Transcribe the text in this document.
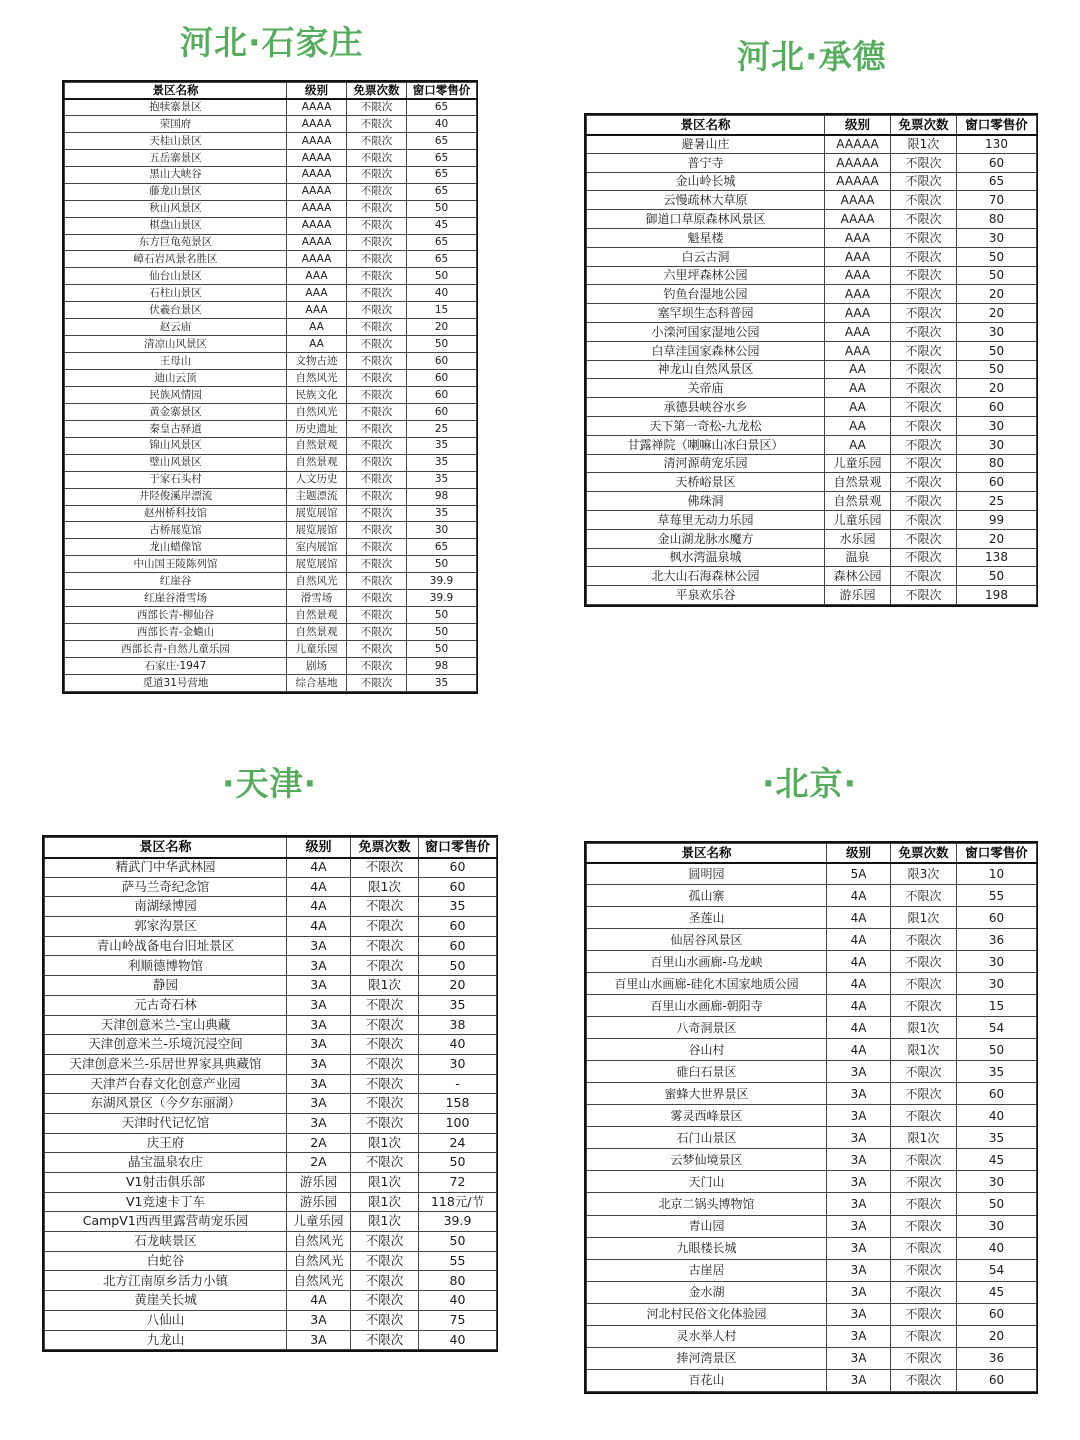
河北·石家庄
景区名称	级别	免票次数	窗口零售价
抱犊寨景区	AAAA	不限次	65
荣国府	AAAA	不限次	40
天桂山景区	AAAA	不限次	65
五岳寨景区	AAAA	不限次	65
黑山大峡谷	AAAA	不限次	65
藤龙山景区	AAAA	不限次	65
秋山风景区	AAAA	不限次	50
棋盘山景区	AAAA	不限次	45
东方巨龟苑景区	AAAA	不限次	65
嶂石岩风景名胜区	AAAA	不限次	65
仙台山景区	AAA	不限次	50
石柱山景区	AAA	不限次	40
伏羲台景区	AAA	不限次	15
赵云庙	AA	不限次	20
清凉山风景区	AA	不限次	50
王母山	文物古迹	不限次	60
迪山云顶	自然风光	不限次	60
民族风情园	民族文化	不限次	60
黄金寨景区	自然风光	不限次	60
秦皇古驿道	历史遗址	不限次	25
锦山风景区	自然景观	不限次	35
璧山风景区	自然景观	不限次	35
于家石头村	人文历史	不限次	35
井陉俊溪岸漂流	主题漂流	不限次	98
赵州桥科技馆	展览展馆	不限次	35
古桥展览馆	展览展馆	不限次	30
龙山蜡像馆	室内展馆	不限次	65
中山国王陵陈列馆	展览展馆	不限次	50
红崖谷	自然风光	不限次	39.9
红崖谷滑雪场	滑雪场	不限次	39.9
西部长青-柳仙谷	自然景观	不限次	50
西部长青-金蟾山	自然景观	不限次	50
西部长青-自然儿童乐园	儿童乐园	不限次	50
石家庄·1947	剧场	不限次	98
觅道31号营地	综合基地	不限次	35
河北·承德
景区名称	级别	免票次数	窗口零售价
避暑山庄	AAAAA	限1次	130
普宁寺	AAAAA	不限次	60
金山岭长城	AAAAA	不限次	65
云慢疏林大草原	AAAA	不限次	70
御道口草原森林风景区	AAAA	不限次	80
魁星楼	AAA	不限次	30
白云古洞	AAA	不限次	50
六里坪森林公园	AAA	不限次	50
钓鱼台湿地公园	AAA	不限次	20
塞罕坝生态科普园	AAA	不限次	20
小滦河国家湿地公园	AAA	不限次	30
白草洼国家森林公园	AAA	不限次	50
神龙山自然风景区	AA	不限次	50
关帝庙	AA	不限次	20
承德县峡谷水乡	AA	不限次	60
天下第一奇松-九龙松	AA	不限次	30
甘露禅院（喇嘛山冰臼景区）	AA	不限次	30
清河源萌宠乐园	儿童乐园	不限次	80
天桥峪景区	自然景观	不限次	60
佛珠洞	自然景观	不限次	25
草莓里无动力乐园	儿童乐园	不限次	99
金山湖龙脉水魔方	水乐园	不限次	20
枫水湾温泉城	温泉	不限次	138
北大山石海森林公园	森林公园	不限次	50
平泉欢乐谷	游乐园	不限次	198
·天津·
景区名称	级别	免票次数	窗口零售价
精武门中华武林园	4A	不限次	60
萨马兰奇纪念馆	4A	限1次	60
南湖绿博园	4A	不限次	35
郭家沟景区	4A	不限次	60
青山岭战备电台旧址景区	3A	不限次	60
利顺德博物馆	3A	不限次	50
静园	3A	限1次	20
元古奇石林	3A	不限次	35
天津创意米兰-宝山典藏	3A	不限次	38
天津创意米兰-乐境沉浸空间	3A	不限次	40
天津创意米兰-乐居世界家具典藏馆	3A	不限次	30
天津芦台春文化创意产业园	3A	不限次	-
东湖风景区（今夕东丽湖）	3A	不限次	158
天津时代记忆馆	3A	不限次	100
庆王府	2A	限1次	24
晶宝温泉农庄	2A	不限次	50
V1射击俱乐部	游乐园	限1次	72
V1竞速卡丁车	游乐园	限1次	118元/节
CampV1西西里露营萌宠乐园	儿童乐园	限1次	39.9
石龙峡景区	自然风光	不限次	50
白蛇谷	自然风光	不限次	55
北方江南原乡活力小镇	自然风光	不限次	80
黄崖关长城	4A	不限次	40
八仙山	3A	不限次	75
九龙山	3A	不限次	40
·北京·
景区名称	级别	免票次数	窗口零售价
圆明园	5A	限3次	10
孤山寨	4A	不限次	55
圣莲山	4A	限1次	60
仙居谷风景区	4A	不限次	36
百里山水画廊-乌龙峡	4A	不限次	30
百里山水画廊-硅化木国家地质公园	4A	不限次	30
百里山水画廊-朝阳寺	4A	不限次	15
八奇洞景区	4A	限1次	54
谷山村	4A	限1次	50
碓臼石景区	3A	不限次	35
蜜蜂大世界景区	3A	不限次	60
雾灵西峰景区	3A	不限次	40
石门山景区	3A	限1次	35
云梦仙境景区	3A	不限次	45
天门山	3A	不限次	30
北京二锅头博物馆	3A	不限次	50
青山园	3A	不限次	30
九眼楼长城	3A	不限次	40
古崖居	3A	不限次	54
金水湖	3A	不限次	45
河北村民俗文化体验园	3A	不限次	60
灵水举人村	3A	不限次	20
捧河湾景区	3A	不限次	36
百花山	3A	不限次	60
